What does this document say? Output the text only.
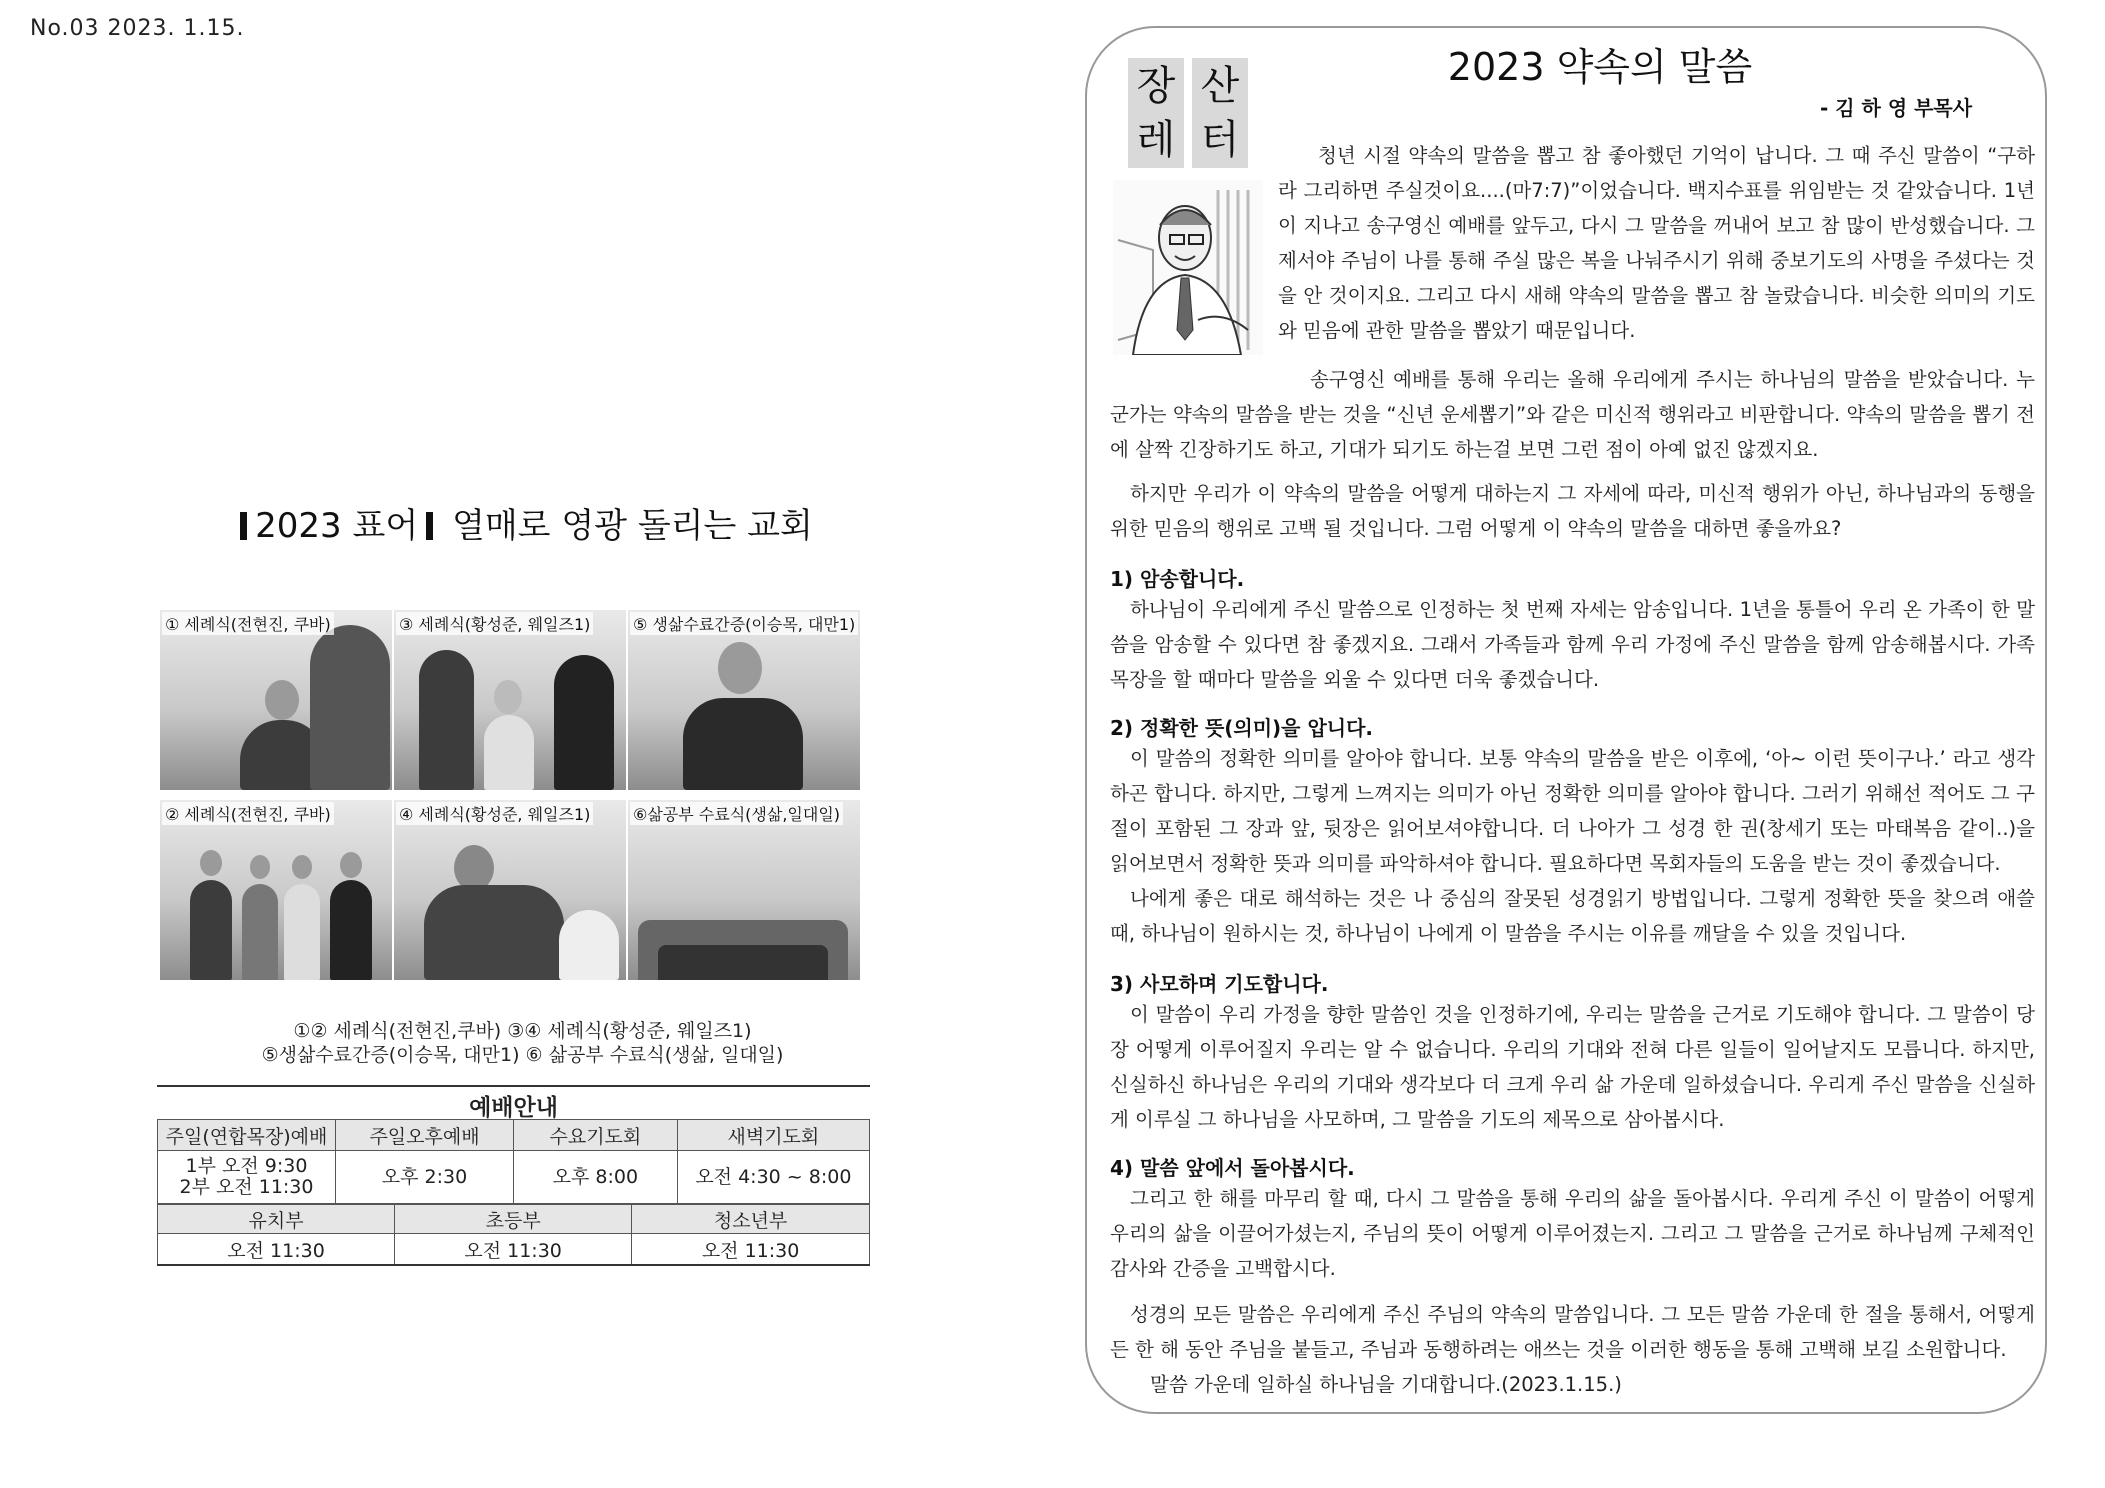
No.03 2023. 1.15.
2023 표어 열매로 영광 돌리는 교회
① 세례식(전현진, 쿠바)	③ 세례식(황성준, 웨일즈1)	⑤ 생삶수료간증(이승목, 대만1)
② 세례식(전현진, 쿠바)	④ 세례식(황성준, 웨일즈1)	⑥삶공부 수료식(생삶,일대일)
①② 세례식(전현진,쿠바) ③④ 세례식(황성준, 웨일즈1)
⑤생삶수료간증(이승목, 대만1) ⑥ 삶공부 수료식(생삶, 일대일)
예배안내
주일(연합목장)예배	주일오후예배	수요기도회	새벽기도회

1부 오전 9:30
2부 오전 11:30	오후 2:30	오후 8:00	오전 4:30 ~ 8:00
유치부	초등부	청소년부
오전 11:30	오전 11:30	오전 11:30
장 산
레 터
2023 약속의 말씀
- 김 하 영 부목사

청년 시절 약속의 말씀을 뽑고 참 좋아했던 기억이 납니다. 그 때 주신 말씀이 “구하라 그리하면 주실것이요....(마7:7)”이었습니다. 백지수표를 위임받는 것 같았습니다. 1년이 지나고 송구영신 예배를 앞두고, 다시 그 말씀을 꺼내어 보고 참 많이 반성했습니다. 그제서야 주님이 나를 통해 주실 많은 복을 나눠주시기 위해 중보기도의 사명을 주셨다는 것을 안 것이지요. 그리고 다시 새해 약속의 말씀을 뽑고 참 놀랐습니다. 비슷한 의미의 기도와 믿음에 관한 말씀을 뽑았기 때문입니다.

송구영신 예배를 통해 우리는 올해 우리에게 주시는 하나님의 말씀을 받았습니다. 누군가는 약속의 말씀을 받는 것을 “신년 운세뽑기”와 같은 미신적 행위라고 비판합니다. 약속의 말씀을 뽑기 전에 살짝 긴장하기도 하고, 기대가 되기도 하는걸 보면 그런 점이 아예 없진 않겠지요.

하지만 우리가 이 약속의 말씀을 어떻게 대하는지 그 자세에 따라, 미신적 행위가 아닌, 하나님과의 동행을 위한 믿음의 행위로 고백 될 것입니다. 그럼 어떻게 이 약속의 말씀을 대하면 좋을까요?

1) 암송합니다.

하나님이 우리에게 주신 말씀으로 인정하는 첫 번째 자세는 암송입니다. 1년을 통틀어 우리 온 가족이 한 말씀을 암송할 수 있다면 참 좋겠지요. 그래서 가족들과 함께 우리 가정에 주신 말씀을 함께 암송해봅시다. 가족목장을 할 때마다 말씀을 외울 수 있다면 더욱 좋겠습니다.

2) 정확한 뜻(의미)을 압니다.

이 말씀의 정확한 의미를 알아야 합니다. 보통 약속의 말씀을 받은 이후에, ‘아~ 이런 뜻이구나.’ 라고 생각하곤 합니다. 하지만, 그렇게 느껴지는 의미가 아닌 정확한 의미를 알아야 합니다. 그러기 위해선 적어도 그 구절이 포함된 그 장과 앞, 뒷장은 읽어보셔야합니다. 더 나아가 그 성경 한 권(창세기 또는 마태복음 같이..)을 읽어보면서 정확한 뜻과 의미를 파악하셔야 합니다. 필요하다면 목회자들의 도움을 받는 것이 좋겠습니다.

나에게 좋은 대로 해석하는 것은 나 중심의 잘못된 성경읽기 방법입니다. 그렇게 정확한 뜻을 찾으려 애쓸 때, 하나님이 원하시는 것, 하나님이 나에게 이 말씀을 주시는 이유를 깨달을 수 있을 것입니다.

3) 사모하며 기도합니다.

이 말씀이 우리 가정을 향한 말씀인 것을 인정하기에, 우리는 말씀을 근거로 기도해야 합니다. 그 말씀이 당장 어떻게 이루어질지 우리는 알 수 없습니다. 우리의 기대와 전혀 다른 일들이 일어날지도 모릅니다. 하지만, 신실하신 하나님은 우리의 기대와 생각보다 더 크게 우리 삶 가운데 일하셨습니다. 우리게 주신 말씀을 신실하게 이루실 그 하나님을 사모하며, 그 말씀을 기도의 제목으로 삼아봅시다.

4) 말씀 앞에서 돌아봅시다.

그리고 한 해를 마무리 할 때, 다시 그 말씀을 통해 우리의 삶을 돌아봅시다. 우리게 주신 이 말씀이 어떻게 우리의 삶을 이끌어가셨는지, 주님의 뜻이 어떻게 이루어졌는지. 그리고 그 말씀을 근거로 하나님께 구체적인 감사와 간증을 고백합시다.

성경의 모든 말씀은 우리에게 주신 주님의 약속의 말씀입니다. 그 모든 말씀 가운데 한 절을 통해서, 어떻게든 한 해 동안 주님을 붙들고, 주님과 동행하려는 애쓰는 것을 이러한 행동을 통해 고백해 보길 소원합니다.

말씀 가운데 일하실 하나님을 기대합니다.(2023.1.15.)
